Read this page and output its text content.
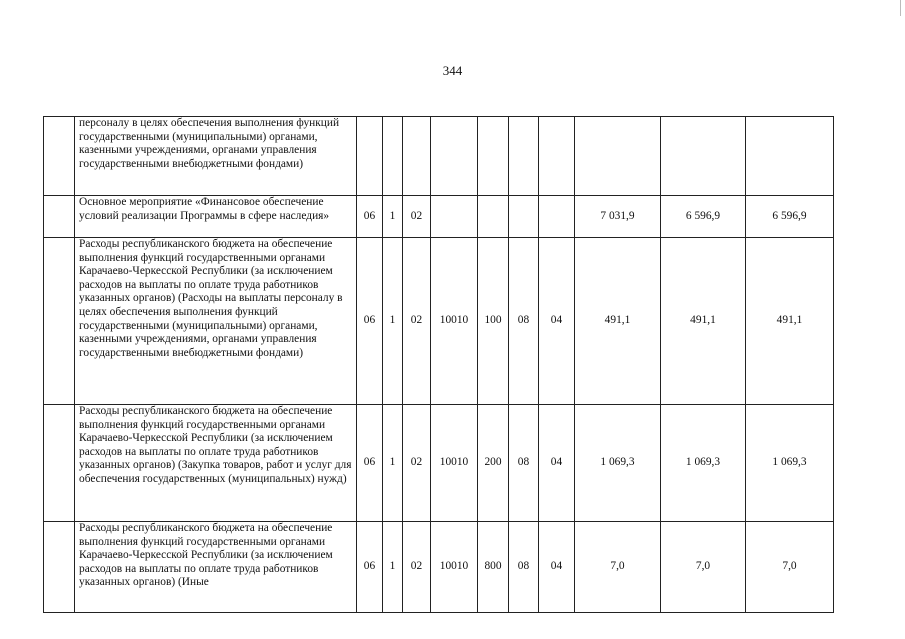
344
	персоналу в целях обеспечения выполнения функций государственными (муниципальными) органами, казенными учреждениями, органами управления государственными внебюджетными фондами)										
	Основное мероприятие «Финансовое обеспечение условий реализации Программы в сфере наследия»	06	1	02					7 031,9	6 596,9	6 596,9
	Расходы республиканского бюджета на обеспечение выполнения функций государственными органами Карачаево-Черкесской Республики (за исключением расходов на выплаты по оплате труда работников указанных органов) (Расходы на выплаты персоналу в целях обеспечения выполнения функций государственными (муниципальными) органами, казенными учреждениями, органами управления государственными внебюджетными фондами)	06	1	02	10010	100	08	04	491,1	491,1	491,1
	Расходы республиканского бюджета на обеспечение выполнения функций государственными органами Карачаево-Черкесской Республики (за исключением расходов на выплаты по оплате труда работников указанных органов) (Закупка товаров, работ и услуг для обеспечения государственных (муниципальных) нужд)	06	1	02	10010	200	08	04	1 069,3	1 069,3	1 069,3
	Расходы республиканского бюджета на обеспечение выполнения функций государственными органами Карачаево-Черкесской Республики (за исключением расходов на выплаты по оплате труда работников указанных органов) (Иные	06	1	02	10010	800	08	04	7,0	7,0	7,0
